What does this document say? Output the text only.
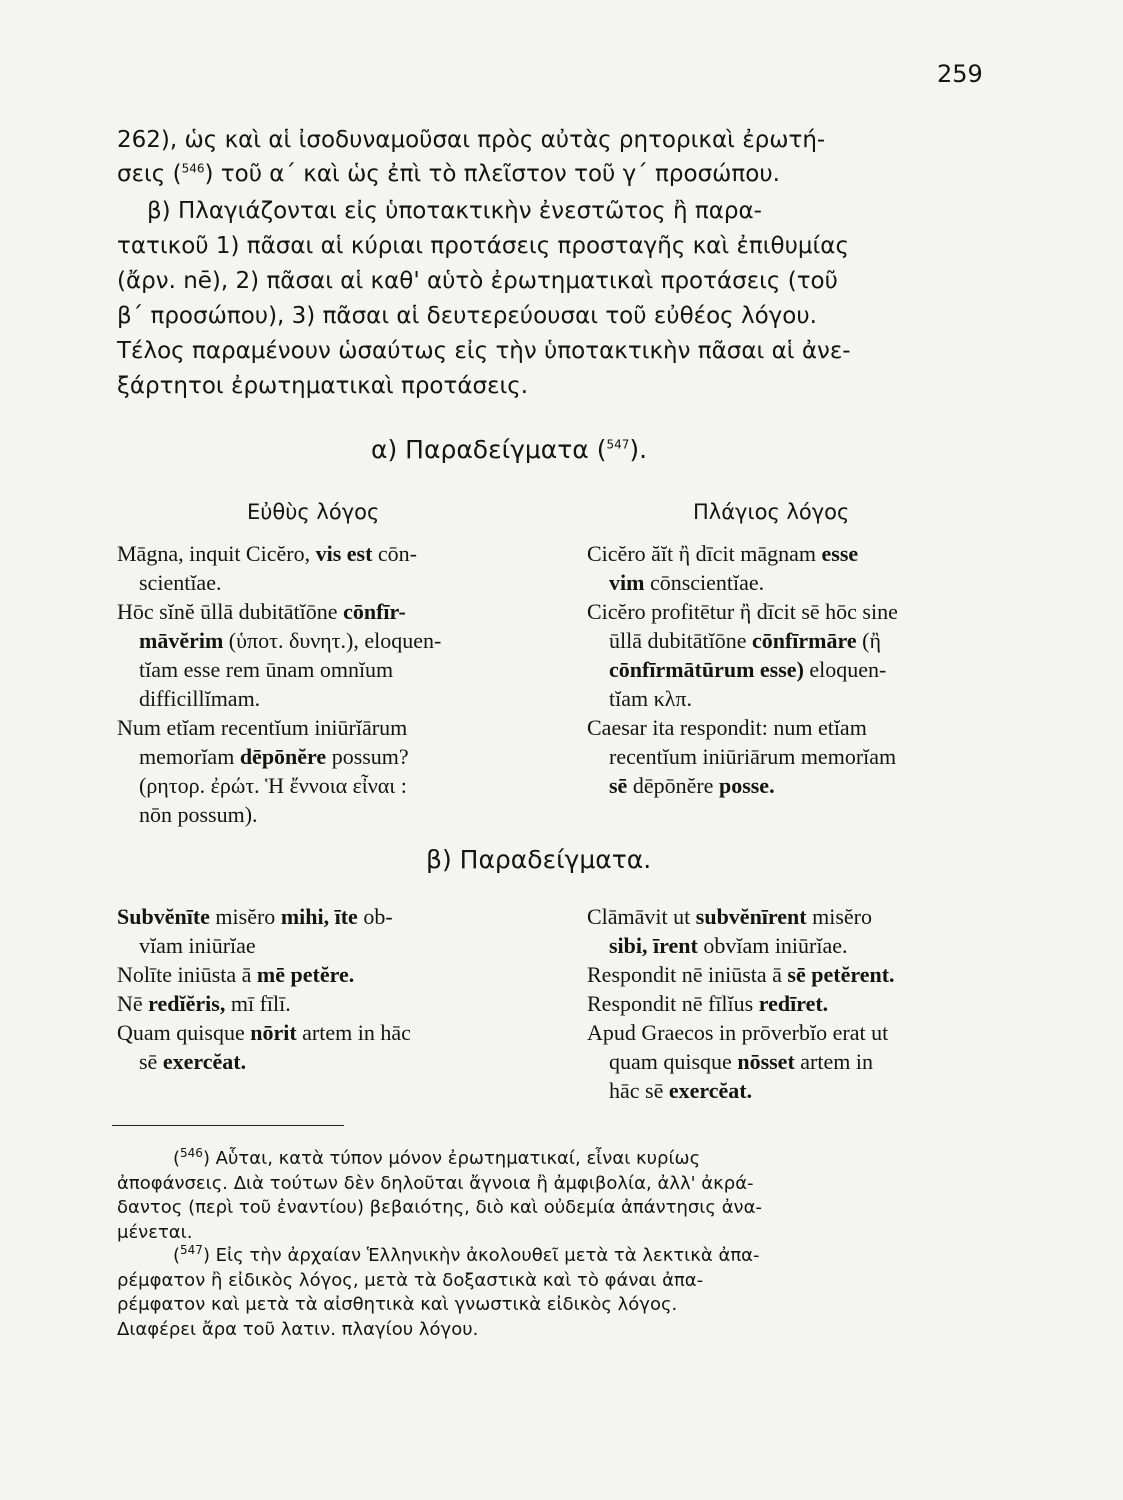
259
262), ὡς καὶ αἱ ἰσοδυναμοῦσαι πρὸς αὐτὰς ρητορικαὶ ἐρωτή-
σεις ($^{546}$) τοῦ α΄ καὶ ὡς ἐπὶ τὸ πλεῖστον τοῦ γ΄ προσώπου.
β) Πλαγιάζονται εἰς ὑποτακτικὴν ἐνεστῶτος ἢ παρα-
τατικοῦ 1) πᾶσαι αἱ κύριαι προτάσεις προσταγῆς καὶ ἐπιθυμίας
(ἄρν. nē), 2) πᾶσαι αἱ καθ' αὑτὸ ἐρωτηματικαὶ προτάσεις (τοῦ
β΄ προσώπου), 3) πᾶσαι αἱ δευτερεύουσαι τοῦ εὐθέος λόγου.
Τέλος παραμένουν ὡσαύτως εἰς τὴν ὑποτακτικὴν πᾶσαι αἱ ἀνε-
ξάρτητοι ἐρωτηματικαὶ προτάσεις.
α) Παραδείγματα ($^{547}$).
Εὐθὺς λόγος	Πλάγιος λόγος
Māgna, inquit Cicĕro, vis est cōn-
scientĭae.
Hōc sĭnĕ ūllā dubitātĭōne cōnfīr-
māvĕrim (ὑποτ. δυνητ.), eloquen-
tĭam esse rem ūnam omnĭum
difficillĭmam.
Num etĭam recentĭum iniūrĭārum
memorĭam dēpōnĕre possum?
(ρητορ. ἐρώτ. Ἡ ἔννοια εἶναι :
nōn possum).
Cicĕro ăĭt ἢ dīcit māgnam esse
vim cōnscientĭae.
Cicĕro profitētur ἢ dīcit sē hōc sine
ūllā dubitātĭōne cōnfīrmāre (ἢ
cōnfīrmātūrum esse) eloquen-
tĭam κλπ.
Caesar ita respondit: num etĭam
recentĭum iniūriārum memorĭam
sē dēpōnĕre posse.
β) Παραδείγματα.
Subvĕnīte misĕro mihi, īte ob-
vĭam iniūrĭae
Nolīte iniūsta ā mē petĕre.
Nē redĭĕris, mī fīlī.
Quam quisque nōrit artem in hāc
sē exercĕat.
Clāmāvit ut subvĕnīrent misĕro
sibi, īrent obvĭam iniūrĭae.
Respondit nē iniūsta ā sē petĕrent.
Respondit nē fīlĭus redīret.
Apud Graecos in prōverbĭo erat ut
quam quisque nōsset artem in
hāc sē exercĕat.
($^{546}$) Αὗται, κατὰ τύπον μόνον ἐρωτηματικαί, εἶναι κυρίως
ἀποφάνσεις. Διὰ τούτων δὲν δηλοῦται ἄγνοια ἢ ἀμφιβολία, ἀλλ' ἀκρά-
δαντος (περὶ τοῦ ἐναντίου) βεβαιότης, διὸ καὶ οὐδεμία ἀπάντησις ἀνα-
μένεται.
($^{547}$) Εἰς τὴν ἀρχαίαν Ἑλληνικὴν ἀκολουθεῖ μετὰ τὰ λεκτικὰ ἀπα-
ρέμφατον ἢ εἰδικὸς λόγος, μετὰ τὰ δοξαστικὰ καὶ τὸ φάναι ἀπα-
ρέμφατον καὶ μετὰ τὰ αἰσθητικὰ καὶ γνωστικὰ εἰδικὸς λόγος.
Διαφέρει ἄρα τοῦ λατιν. πλαγίου λόγου.
